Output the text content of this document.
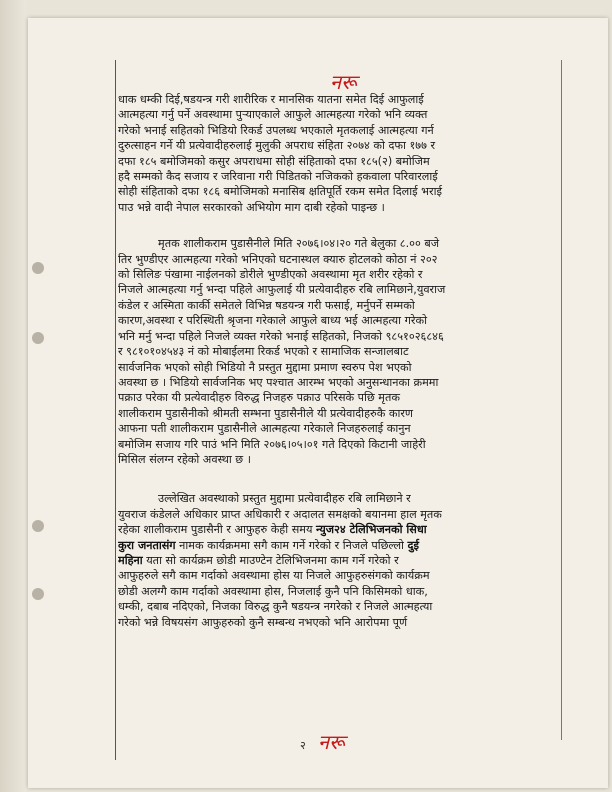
नरू
धाक धम्की दिई,षडयन्त्र गरी शारीरिक र मानसिक यातना समेत दिई आफुलाई
आत्महत्या गर्नु पर्ने अवस्थामा पुऱ्याएकाले आफुले आत्महत्या गरेको भनि व्यक्त
गरेको भनाई सहितको भिडियो रिकर्ड उपलब्ध भएकाले मृतकलाई आत्महत्या गर्न
दुरुत्साहन गर्ने यी प्रत्येवादीहरुलाई मुलुकी अपराध संहिता २०७४ को दफा १७७ र
दफा १८५ बमोजिमको कसुर अपराधमा सोही संहिताको दफा १८५(२) बमोजिम
हदै सम्मको कैद सजाय र जरिवाना गरी पिडितको नजिकको हकवाला परिवारलाई
सोही संहिताको दफा १८६ बमोजिमको मनासिब क्षतिपूर्ति रकम समेत दिलाई भराई
पाउ भन्ने वादी नेपाल सरकारको अभियोग माग दाबी रहेको पाइन्छ ।
मृतक शालीकराम पुडासैनीले मिति २०७६।०४।२० गते बेलुका ८.०० बजे
तिर भुण्डीएर आत्महत्या गरेको भनिएको घटनास्थल क्यारु होटलको कोठा नं २०२
को सिलिङ पंखामा नाईलनको डोरीले भुण्डीएको अवस्थामा मृत शरीर रहेको र
निजले आत्महत्या गर्नु भन्दा पहिले आफुलाई यी प्रत्येवादीहरु रबि लामिछाने,युवराज
कंडेल र अस्मिता कार्की समेतले विभिन्न षडयन्त्र गरी फसाई, मर्नुपर्ने सम्मको
कारण,अवस्था र परिस्थिती श्रृजना गरेकाले आफुले बाध्य भई आत्महत्या गरेको
भनि मर्नु भन्दा पहिले निजले व्यक्त गरेको भनाई सहितको, निजको ९८५१०२६८४६
र ९८१०१०४५४३ नं को मोबाईलमा रिकर्ड भएको र सामाजिक सन्जालबाट
सार्वजनिक भएको सोही भिडियो नै प्रस्तुत मुद्दामा प्रमाण स्वरुप पेश भएको
अवस्था छ । भिडियो सार्वजनिक भए पश्चात आरम्भ भएको अनुसन्धानका क्रममा
पक्राउ परेका यी प्रत्येवादीहरु विरुद्ध निजहरु पक्राउ परिसके पछि मृतक
शालीकराम पुडासैनीको श्रीमती सम्भना पुडासैनीले यी प्रत्येवादीहरुकै कारण
आफना पती शालीकराम पुडासैनीले आत्महत्या गरेकाले निजहरुलाई कानुन
बमोजिम सजाय गरि पाउं भनि मिति २०७६।०५।०१ गते दिएको किटानी जाहेरी
मिसिल संलग्न रहेको अवस्था छ ।
उल्लेखित अवस्थाको प्रस्तुत मुद्दामा प्रत्येवादीहरु रबि लामिछाने र
युवराज कंडेलले अधिकार प्राप्त अधिकारी र अदालत समक्षको बयानमा हाल मृतक
रहेका शालीकराम पुडासैनी र आफुहरु केही समय न्युज२४ टेलिभिजनको सिधा
कुरा जनतासंग नामक कार्यक्रममा सगै काम गर्ने गरेको र निजले पछिल्लो दुई
महिना यता सो कार्यक्रम छोडी माउण्टेन टेलिभिजनमा काम गर्ने गरेको र
आफुहरुले सगै काम गर्दाको अवस्थामा होस या निजले आफुहरुसंगको कार्यक्रम
छोडी अलग्गै काम गर्दाको अवस्थामा होस, निजलाई कुनै पनि किसिमको धाक,
धम्की, दबाब नदिएको, निजका विरुद्ध कुनै षडयन्त्र नगरेको र निजले आत्महत्या
गरेको भन्ने विषयसंग आफुहरुको कुनै सम्बन्ध नभएको भनि आरोपमा पूर्ण
२ नरू
